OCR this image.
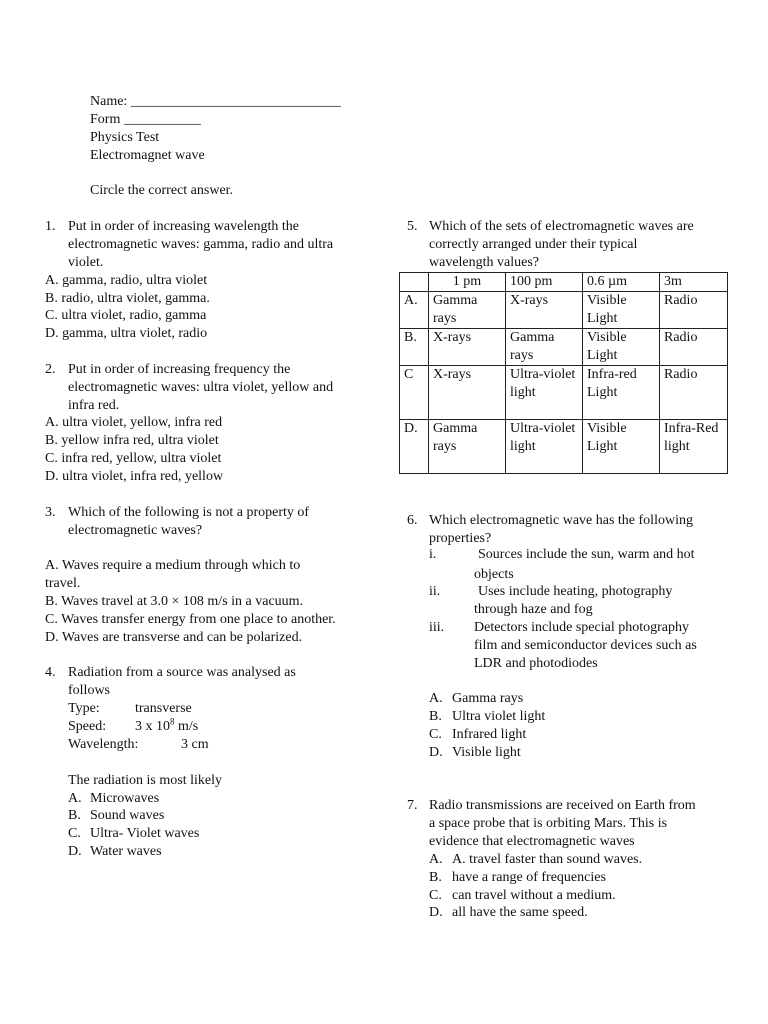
Name: ______________________________
Form ___________
Physics Test
Electromagnet wave
Circle the correct answer.
1. Put in order of increasing wavelength the
electromagnetic waves: gamma, radio and ultra
violet.
A. gamma, radio, ultra violet
B. radio, ultra violet, gamma.
C. ultra violet, radio, gamma
D. gamma, ultra violet, radio
2. Put in order of increasing frequency the
electromagnetic waves: ultra violet, yellow and
infra red.
A. ultra violet, yellow, infra red
B. yellow infra red, ultra violet
C. infra red, yellow, ultra violet
D. ultra violet, infra red, yellow
3. Which of the following is not a property of
electromagnetic waves?
A. Waves require a medium through which to
travel.
B. Waves travel at 3.0 × 108 m/s in a vacuum.
C. Waves transfer energy from one place to another.
D. Waves are transverse and can be polarized.
4. Radiation from a source was analysed as
follows
Type:	transverse
Speed: 3 x $10^8$ m/s
Wavelength:	3 cm
The radiation is most likely
A. Microwaves
B. Sound waves
C. Ultra- Violet waves
D. Water waves
5. Which of the sets of electromagnetic waves are
correctly arranged under their typical
wavelength values?
	1 pm	100 pm	0.6 µm	3m
A.	Gamma rays	X-rays	Visible Light	Radio
B.	X-rays	Gamma rays	Visible Light	Radio
C	X-rays	Ultra-violet light	Infra-red Light	Radio
D.	Gamma rays	Ultra-violet light	Visible Light	Infra-Red light
6. Which electromagnetic wave has the following
properties?
i.	Sources include the sun, warm and hot
objects
ii.	Uses include heating, photography
through haze and fog
iii. Detectors include special photography
film and semiconductor devices such as
LDR and photodiodes
A. Gamma rays
B. Ultra violet light
C. Infrared light
D. Visible light
7. Radio transmissions are received on Earth from
a space probe that is orbiting Mars. This is
evidence that electromagnetic waves
A. A. travel faster than sound waves.
B. have a range of frequencies
C. can travel without a medium.
D. all have the same speed.
